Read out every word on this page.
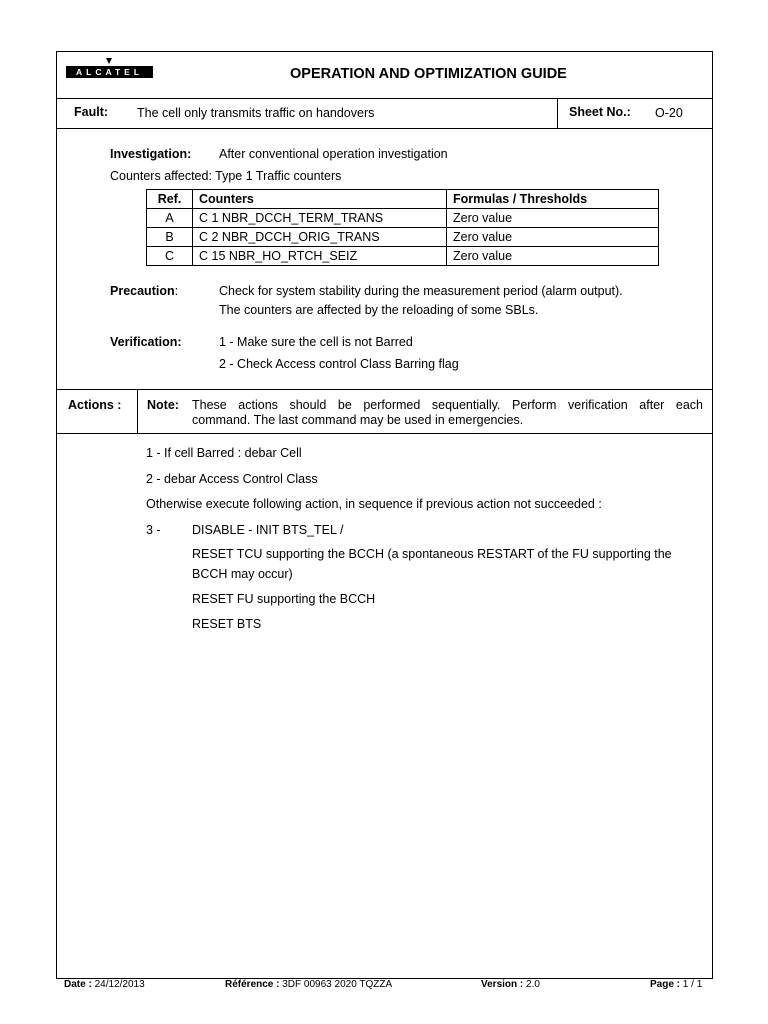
ALCATEL	OPERATION AND OPTIMIZATION GUIDE
Fault: The cell only transmits traffic on handovers	Sheet No.: O-20
Investigation: After conventional operation investigation
Counters affected: Type 1 Traffic counters
Ref.	Counters	Formulas / Thresholds
A	C 1 NBR_DCCH_TERM_TRANS	Zero value
B	C 2 NBR_DCCH_ORIG_TRANS	Zero value
C	C 15 NBR_HO_RTCH_SEIZ	Zero value
Precaution:	Check for system stability during the measurement period (alarm output).
The counters are affected by the reloading of some SBLs.
Verification:	1 - Make sure the cell is not Barred
2 - Check Access control Class Barring flag
Actions : Note: These actions should be performed sequentially. Perform verification after each
command. The last command may be used in emergencies.
1 - If cell Barred : debar Cell
2 - debar Access Control Class
Otherwise execute following action, in sequence if previous action not succeeded :
3 -	DISABLE - INIT BTS_TEL /
RESET TCU supporting the BCCH (a spontaneous RESTART of the FU supporting the
BCCH may occur)
RESET FU supporting the BCCH
RESET BTS
Date : 24/12/2013	Référence : 3DF 00963 2020 TQZZA	Version : 2.0	Page : 1 / 1
